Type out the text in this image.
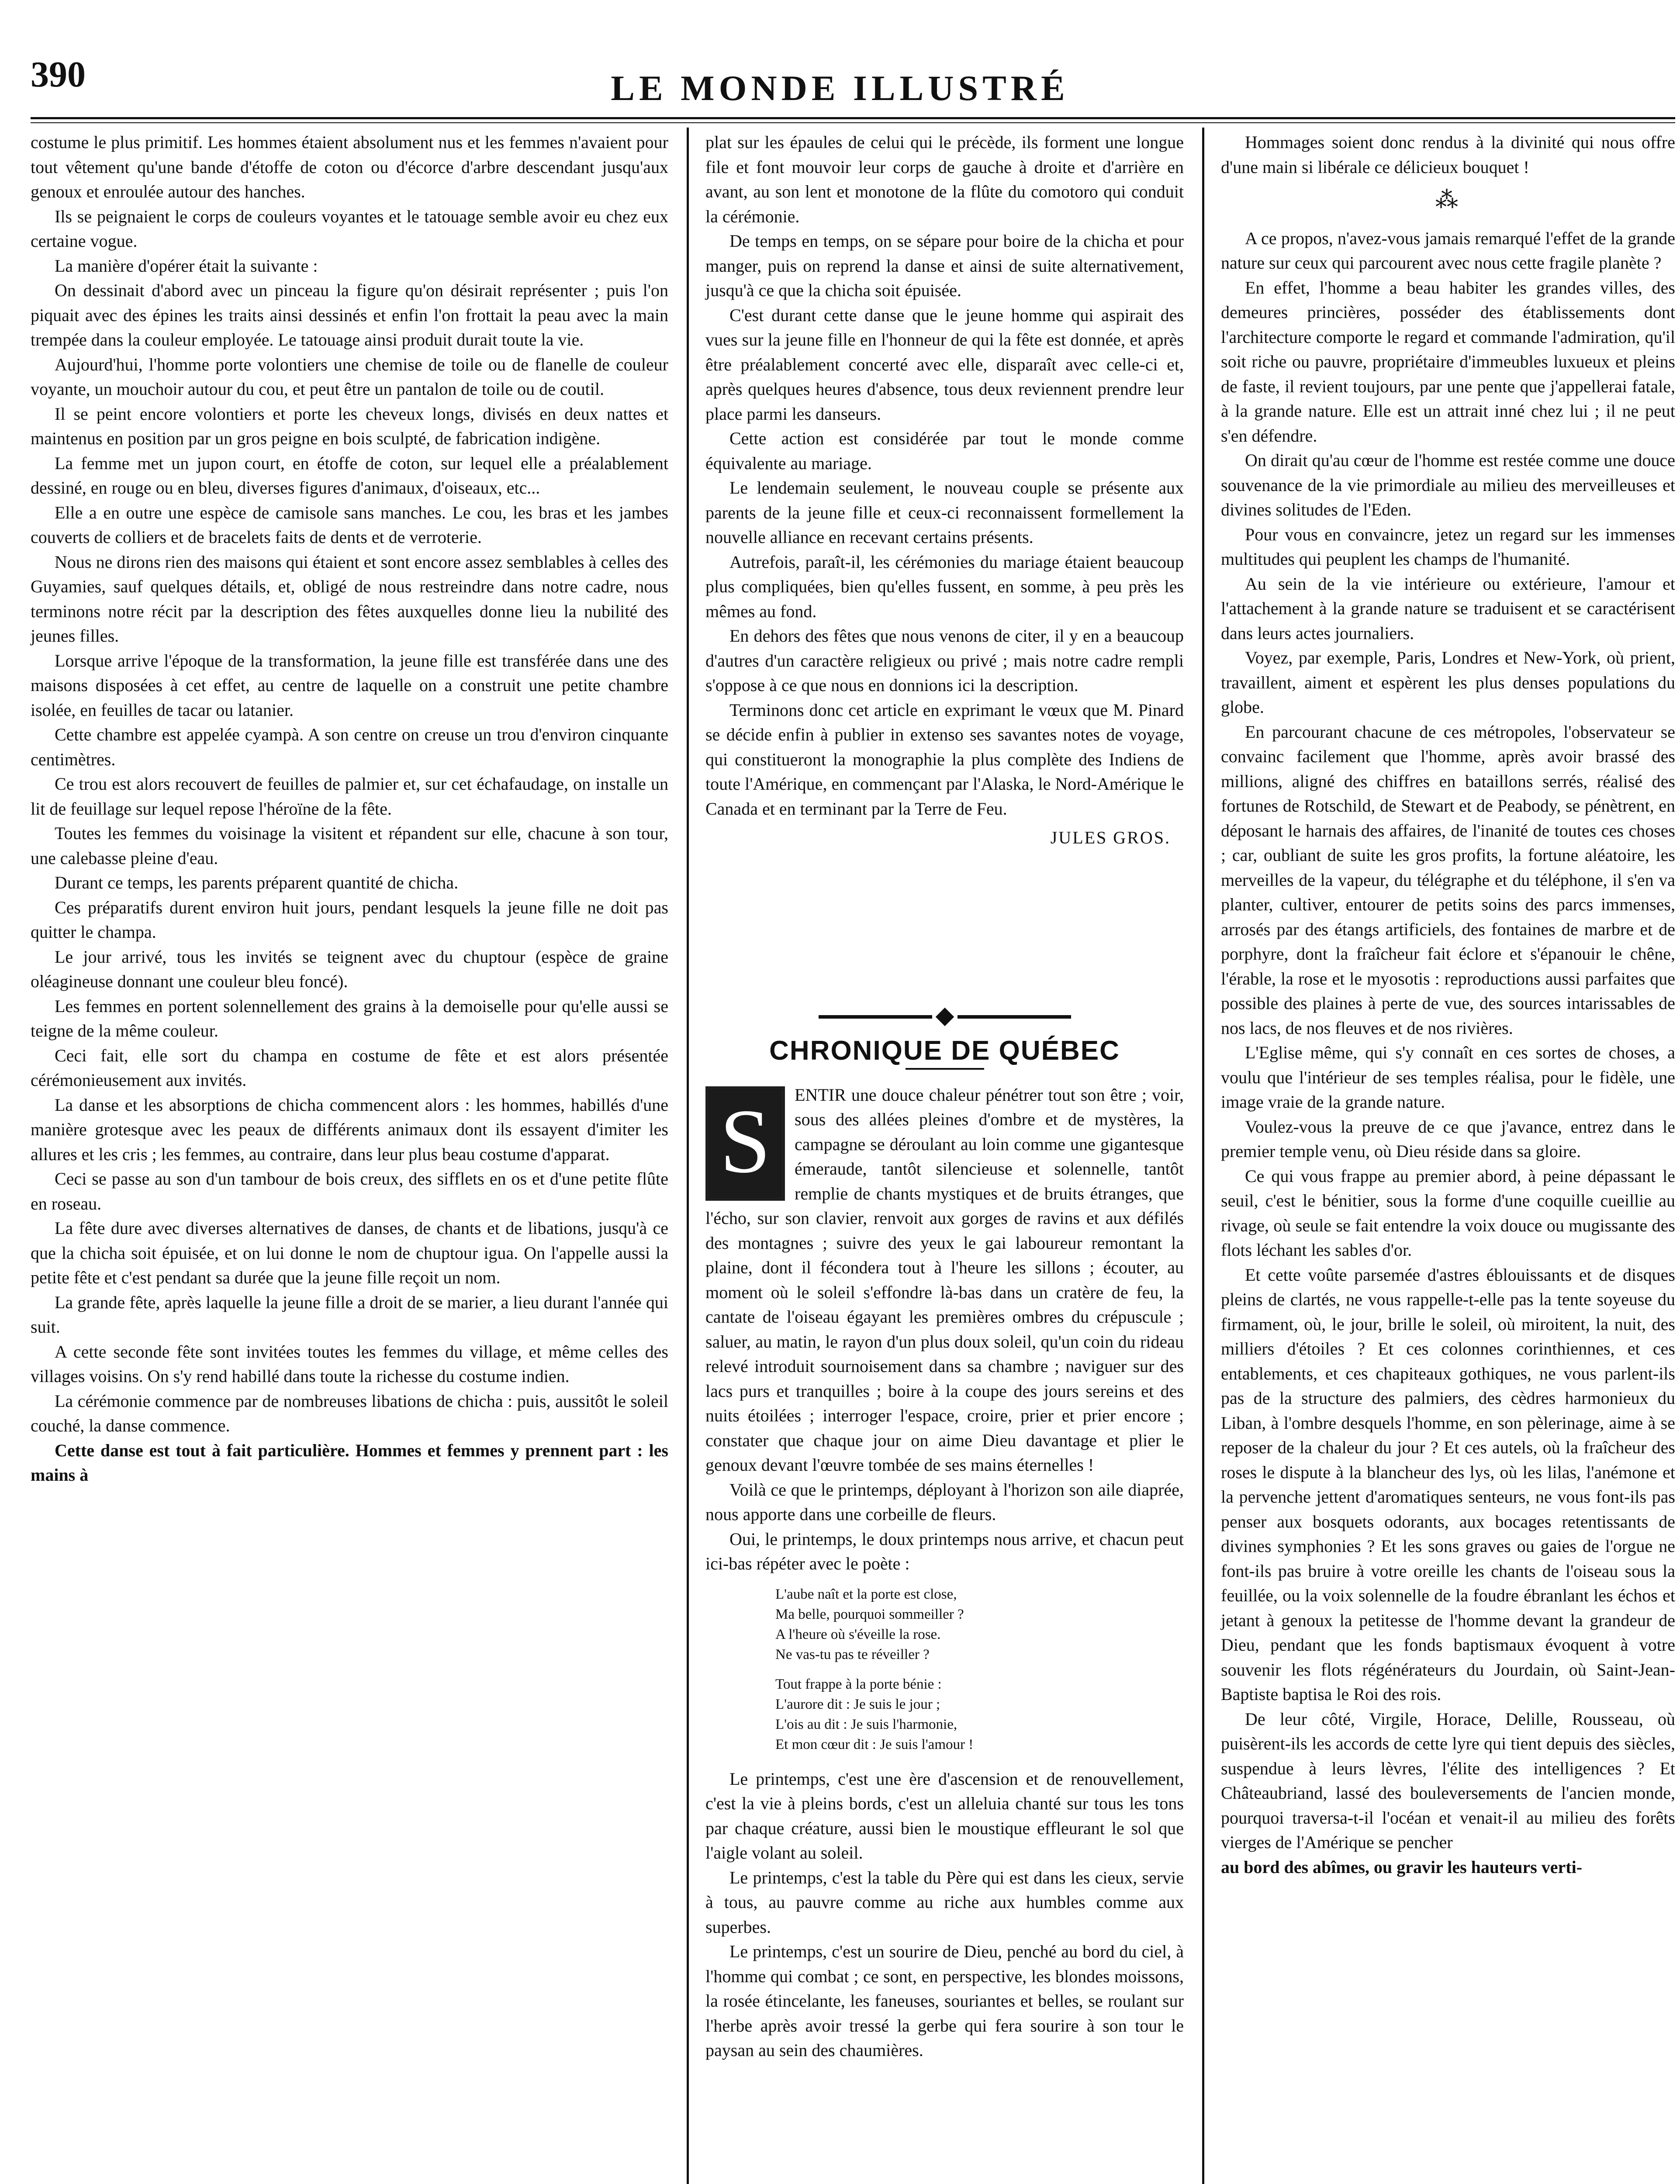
390	LE MONDE ILLUSTRÉ

costume le plus primitif. Les hommes étaient absolument nus et les femmes n'avaient pour tout vêtement qu'une bande d'étoffe de coton ou d'écorce d'arbre descendant jusqu'aux genoux et enroulée autour des hanches.

Ils se peignaient le corps de couleurs voyantes et le tatouage semble avoir eu chez eux certaine vogue.

La manière d'opérer était la suivante :

On dessinait d'abord avec un pinceau la figure qu'on désirait représenter ; puis l'on piquait avec des épines les traits ainsi dessinés et enfin l'on frottait la peau avec la main trempée dans la couleur employée. Le tatouage ainsi produit durait toute la vie.

Aujourd'hui, l'homme porte volontiers une chemise de toile ou de flanelle de couleur voyante, un mouchoir autour du cou, et peut être un pantalon de toile ou de coutil.

Il se peint encore volontiers et porte les cheveux longs, divisés en deux nattes et maintenus en position par un gros peigne en bois sculpté, de fabrication indigène.

La femme met un jupon court, en étoffe de coton, sur lequel elle a préalablement dessiné, en rouge ou en bleu, diverses figures d'animaux, d'oiseaux, etc...

Elle a en outre une espèce de camisole sans manches. Le cou, les bras et les jambes couverts de colliers et de bracelets faits de dents et de verroterie.

Nous ne dirons rien des maisons qui étaient et sont encore assez semblables à celles des Guyamies, sauf quelques détails, et, obligé de nous restreindre dans notre cadre, nous terminons notre récit par la description des fêtes auxquelles donne lieu la nubilité des jeunes filles.

Lorsque arrive l'époque de la transformation, la jeune fille est transférée dans une des maisons disposées à cet effet, au centre de laquelle on a construit une petite chambre isolée, en feuilles de tacar ou latanier.

Cette chambre est appelée cyampà. A son centre on creuse un trou d'environ cinquante centimètres.

Ce trou est alors recouvert de feuilles de palmier et, sur cet échafaudage, on installe un lit de feuillage sur lequel repose l'héroïne de la fête.

Toutes les femmes du voisinage la visitent et répandent sur elle, chacune à son tour, une calebasse pleine d'eau.

Durant ce temps, les parents préparent quantité de chicha.

Ces préparatifs durent environ huit jours, pendant lesquels la jeune fille ne doit pas quitter le champa.

Le jour arrivé, tous les invités se teignent avec du chuptour (espèce de graine oléagineuse donnant une couleur bleu foncé).

Les femmes en portent solennellement des grains à la demoiselle pour qu'elle aussi se teigne de la même couleur.

Ceci fait, elle sort du champa en costume de fête et est alors présentée cérémonieusement aux invités.

La danse et les absorptions de chicha commencent alors : les hommes, habillés d'une manière grotesque avec les peaux de différents animaux dont ils essayent d'imiter les allures et les cris ; les femmes, au contraire, dans leur plus beau costume d'apparat.

Ceci se passe au son d'un tambour de bois creux, des sifflets en os et d'une petite flûte en roseau.

La fête dure avec diverses alternatives de danses, de chants et de libations, jusqu'à ce que la chicha soit épuisée, et on lui donne le nom de chuptour igua. On l'appelle aussi la petite fête et c'est pendant sa durée que la jeune fille reçoit un nom.

La grande fête, après laquelle la jeune fille a droit de se marier, a lieu durant l'année qui suit.

A cette seconde fête sont invitées toutes les femmes du village, et même celles des villages voisins. On s'y rend habillé dans toute la richesse du costume indien.

La cérémonie commence par de nombreuses libations de chicha : puis, aussitôt le soleil couché, la danse commence.

Cette danse est tout à fait particulière. Hommes et femmes y prennent part : les mains à

plat sur les épaules de celui qui le précède, ils forment une longue file et font mouvoir leur corps de gauche à droite et d'arrière en avant, au son lent et monotone de la flûte du comotoro qui conduit la cérémonie.

De temps en temps, on se sépare pour boire de la chicha et pour manger, puis on reprend la danse et ainsi de suite alternativement, jusqu'à ce que la chicha soit épuisée.

C'est durant cette danse que le jeune homme qui aspirait des vues sur la jeune fille en l'honneur de qui la fête est donnée, et après être préalablement concerté avec elle, disparaît avec celle-ci et, après quelques heures d'absence, tous deux reviennent prendre leur place parmi les danseurs.

Cette action est considérée par tout le monde comme équivalente au mariage.

Le lendemain seulement, le nouveau couple se présente aux parents de la jeune fille et ceux-ci reconnaissent formellement la nouvelle alliance en recevant certains présents.

Autrefois, paraît-il, les cérémonies du mariage étaient beaucoup plus compliquées, bien qu'elles fussent, en somme, à peu près les mêmes au fond.

En dehors des fêtes que nous venons de citer, il y en a beaucoup d'autres d'un caractère religieux ou privé ; mais notre cadre rempli s'oppose à ce que nous en donnions ici la description.

Terminons donc cet article en exprimant le vœux que M. Pinard se décide enfin à publier in extenso ses savantes notes de voyage, qui constitueront la monographie la plus complète des Indiens de toute l'Amérique, en commençant par l'Alaska, le Nord-Amérique le Canada et en terminant par la Terre de Feu.

JULES GROS.
CHRONIQUE DE QUÉBEC
S	ENTIR une douce chaleur pénétrer tout son être ; voir, sous des allées pleines d'ombre et de mystères, la campagne se déroulant au loin comme une gigantesque émeraude, tantôt silencieuse et solennelle, tantôt remplie de chants mystiques et de bruits étranges, que l'écho, sur son clavier, renvoit aux gorges de ravins et aux défilés des montagnes ; suivre des yeux le gai laboureur remontant la plaine, dont il fécondera tout à l'heure les sillons ; écouter, au moment où le soleil s'effondre là-bas dans un cratère de feu, la cantate de l'oiseau égayant les premières ombres du crépuscule ; saluer, au matin, le rayon d'un plus doux soleil, qu'un coin du rideau relevé introduit sournoisement dans sa chambre ; naviguer sur des lacs purs et tranquilles ; boire à la coupe des jours sereins et des nuits étoilées ; interroger l'espace, croire, prier et prier encore ; constater que chaque jour on aime Dieu davantage et plier le genoux devant l'œuvre tombée de ses mains éternelles !

Voilà ce que le printemps, déployant à l'horizon son aile diaprée, nous apporte dans une corbeille de fleurs.

Oui, le printemps, le doux printemps nous arrive, et chacun peut ici-bas répéter avec le poète :

L'aube naît et la porte est close,
Ma belle, pourquoi sommeiller ?
A l'heure où s'éveille la rose.
Ne vas-tu pas te réveiller ?
Tout frappe à la porte bénie :
L'aurore dit : Je suis le jour ;
L'ois au dit : Je suis l'harmonie,
Et mon cœur dit : Je suis l'amour !

Le printemps, c'est une ère d'ascension et de renouvellement, c'est la vie à pleins bords, c'est un alleluia chanté sur tous les tons par chaque créature, aussi bien le moustique effleurant le sol que l'aigle volant au soleil.

Le printemps, c'est la table du Père qui est dans les cieux, servie à tous, au pauvre comme au riche aux humbles comme aux superbes.

Le printemps, c'est un sourire de Dieu, penché au bord du ciel, à l'homme qui combat ; ce sont, en perspective, les blondes moissons, la rosée étincelante, les faneuses, souriantes et belles, se roulant sur l'herbe après avoir tressé la gerbe qui fera sourire à son tour le paysan au sein des chaumières.

Hommages soient donc rendus à la divinité qui nous offre d'une main si libérale ce délicieux bouquet !

⁂

A ce propos, n'avez-vous jamais remarqué l'effet de la grande nature sur ceux qui parcourent avec nous cette fragile planète ?

En effet, l'homme a beau habiter les grandes villes, des demeures princières, posséder des établissements dont l'architecture comporte le regard et commande l'admiration, qu'il soit riche ou pauvre, propriétaire d'immeubles luxueux et pleins de faste, il revient toujours, par une pente que j'appellerai fatale, à la grande nature. Elle est un attrait inné chez lui ; il ne peut s'en défendre.

On dirait qu'au cœur de l'homme est restée comme une douce souvenance de la vie primordiale au milieu des merveilleuses et divines solitudes de l'Eden.

Pour vous en convaincre, jetez un regard sur les immenses multitudes qui peuplent les champs de l'humanité.

Au sein de la vie intérieure ou extérieure, l'amour et l'attachement à la grande nature se traduisent et se caractérisent dans leurs actes journaliers.

Voyez, par exemple, Paris, Londres et New-York, où prient, travaillent, aiment et espèrent les plus denses populations du globe.

En parcourant chacune de ces métropoles, l'observateur se convainc facilement que l'homme, après avoir brassé des millions, aligné des chiffres en bataillons serrés, réalisé des fortunes de Rotschild, de Stewart et de Peabody, se pénètrent, en déposant le harnais des affaires, de l'inanité de toutes ces choses ; car, oubliant de suite les gros profits, la fortune aléatoire, les merveilles de la vapeur, du télégraphe et du téléphone, il s'en va planter, cultiver, entourer de petits soins des parcs immenses, arrosés par des étangs artificiels, des fontaines de marbre et de porphyre, dont la fraîcheur fait éclore et s'épanouir le chêne, l'érable, la rose et le myosotis : reproductions aussi parfaites que possible des plaines à perte de vue, des sources intarissables de nos lacs, de nos fleuves et de nos rivières.

L'Eglise même, qui s'y connaît en ces sortes de choses, a voulu que l'intérieur de ses temples réalisa, pour le fidèle, une image vraie de la grande nature.

Voulez-vous la preuve de ce que j'avance, entrez dans le premier temple venu, où Dieu réside dans sa gloire.

Ce qui vous frappe au premier abord, à peine dépassant le seuil, c'est le bénitier, sous la forme d'une coquille cueillie au rivage, où seule se fait entendre la voix douce ou mugissante des flots léchant les sables d'or.

Et cette voûte parsemée d'astres éblouissants et de disques pleins de clartés, ne vous rappelle-t-elle pas la tente soyeuse du firmament, où, le jour, brille le soleil, où miroitent, la nuit, des milliers d'étoiles ? Et ces colonnes corinthiennes, et ces entablements, et ces chapiteaux gothiques, ne vous parlent-ils pas de la structure des palmiers, des cèdres harmonieux du Liban, à l'ombre desquels l'homme, en son pèlerinage, aime à se reposer de la chaleur du jour ? Et ces autels, où la fraîcheur des roses le dispute à la blancheur des lys, où les lilas, l'anémone et la pervenche jettent d'aromatiques senteurs, ne vous font-ils pas penser aux bosquets odorants, aux bocages retentissants de divines symphonies ? Et les sons graves ou gaies de l'orgue ne font-ils pas bruire à votre oreille les chants de l'oiseau sous la feuillée, ou la voix solennelle de la foudre ébranlant les échos et jetant à genoux la petitesse de l'homme devant la grandeur de Dieu, pendant que les fonds baptismaux évoquent à votre souvenir les flots régénérateurs du Jourdain, où Saint-Jean-Baptiste baptisa le Roi des rois.

De leur côté, Virgile, Horace, Delille, Rousseau, où puisèrent-ils les accords de cette lyre qui tient depuis des siècles, suspendue à leurs lèvres, l'élite des intelligences ? Et Châteaubriand, lassé des bouleversements de l'ancien monde, pourquoi traversa-t-il l'océan et venait-il au milieu des forêts vierges de l'Amérique se pencher

au bord des abîmes, ou gravir les hauteurs verti-
